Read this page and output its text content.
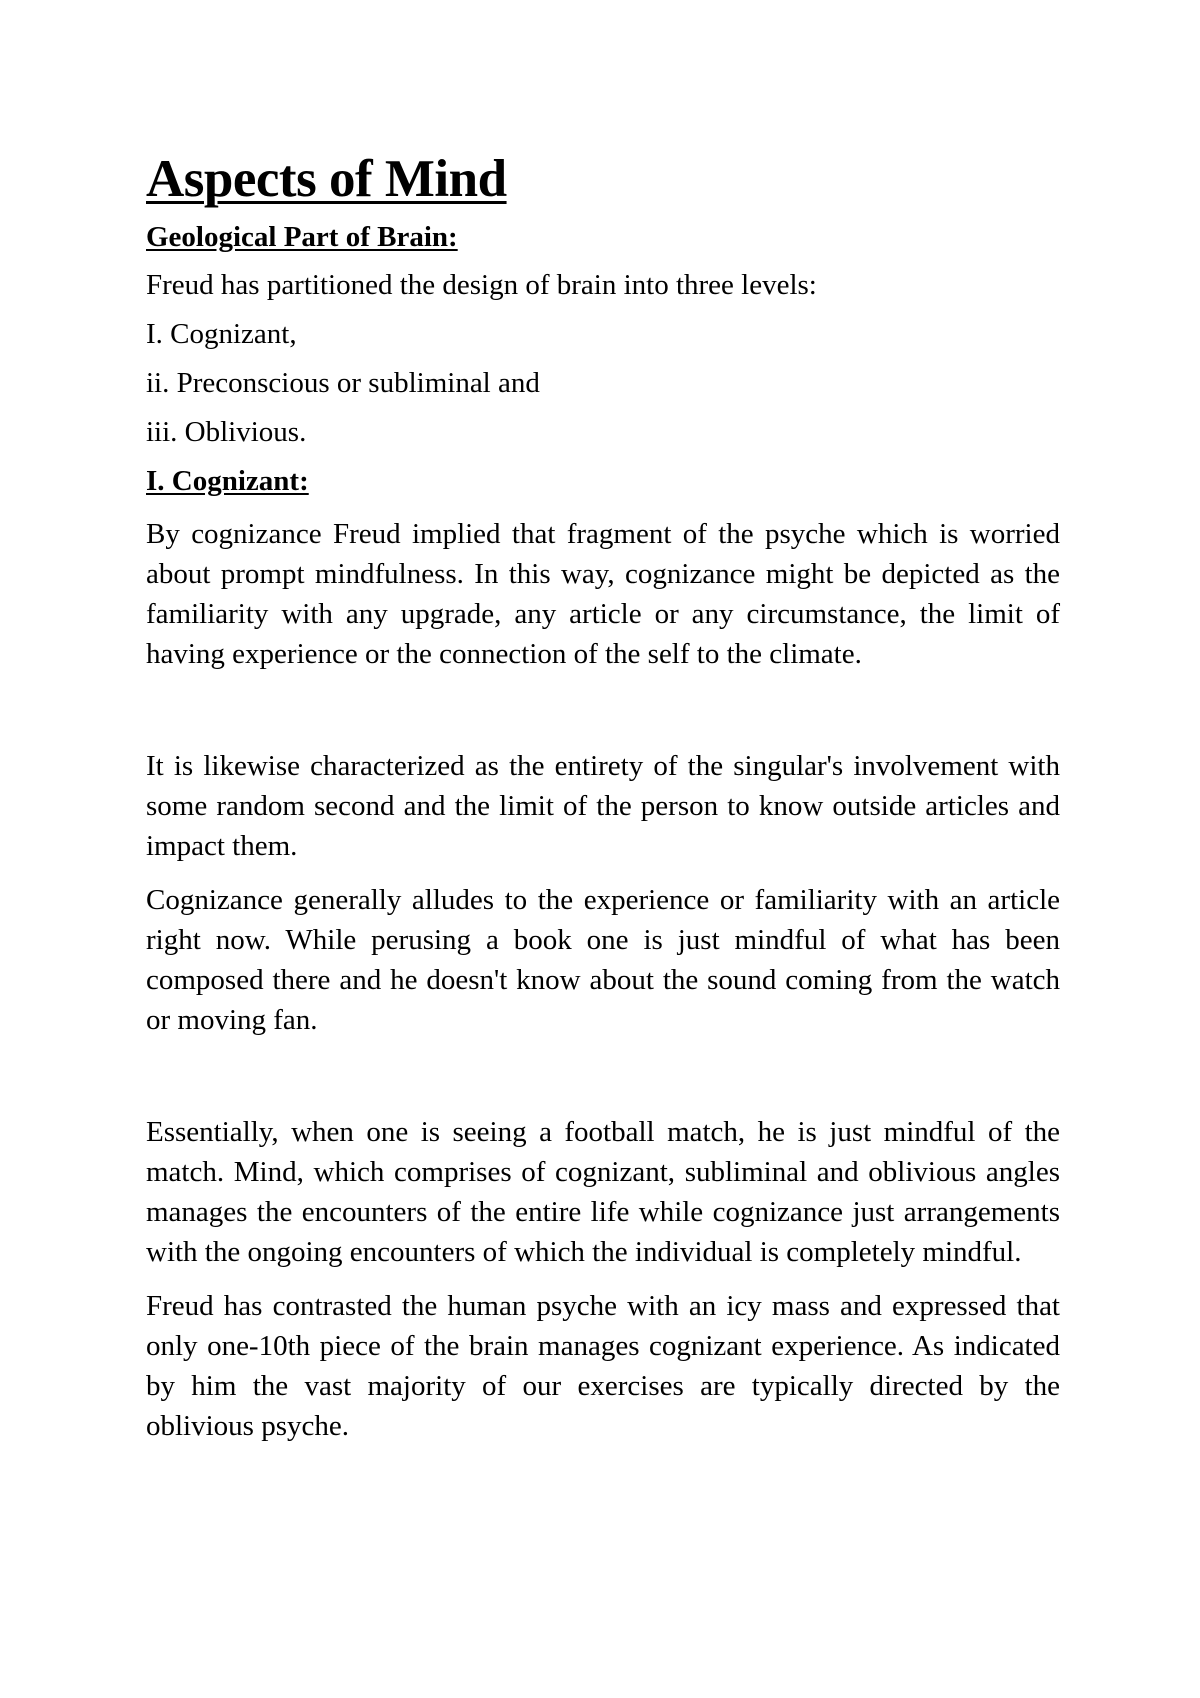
Aspects of Mind
Geological Part of Brain:
Freud has partitioned the design of brain into three levels:
I. Cognizant,
ii. Preconscious or subliminal and
iii. Oblivious.
I. Cognizant:

By cognizance Freud implied that fragment of the psyche which is worried about prompt mindfulness. In this way, cognizance might be depicted as the familiarity with any upgrade, any article or any circumstance, the limit of having experience or the connection of the self to the climate.

It is likewise characterized as the entirety of the singular's involvement with some random second and the limit of the person to know outside articles and impact them.

Cognizance generally alludes to the experience or familiarity with an article right now. While perusing a book one is just mindful of what has been composed there and he doesn't know about the sound coming from the watch or moving fan.

Essentially, when one is seeing a football match, he is just mindful of the match. Mind, which comprises of cognizant, subliminal and oblivious angles manages the encounters of the entire life while cognizance just arrangements with the ongoing encounters of which the individual is completely mindful.

Freud has contrasted the human psyche with an icy mass and expressed that only one-10th piece of the brain manages cognizant experience. As indicated by him the vast majority of our exercises are typically directed by the oblivious psyche.
